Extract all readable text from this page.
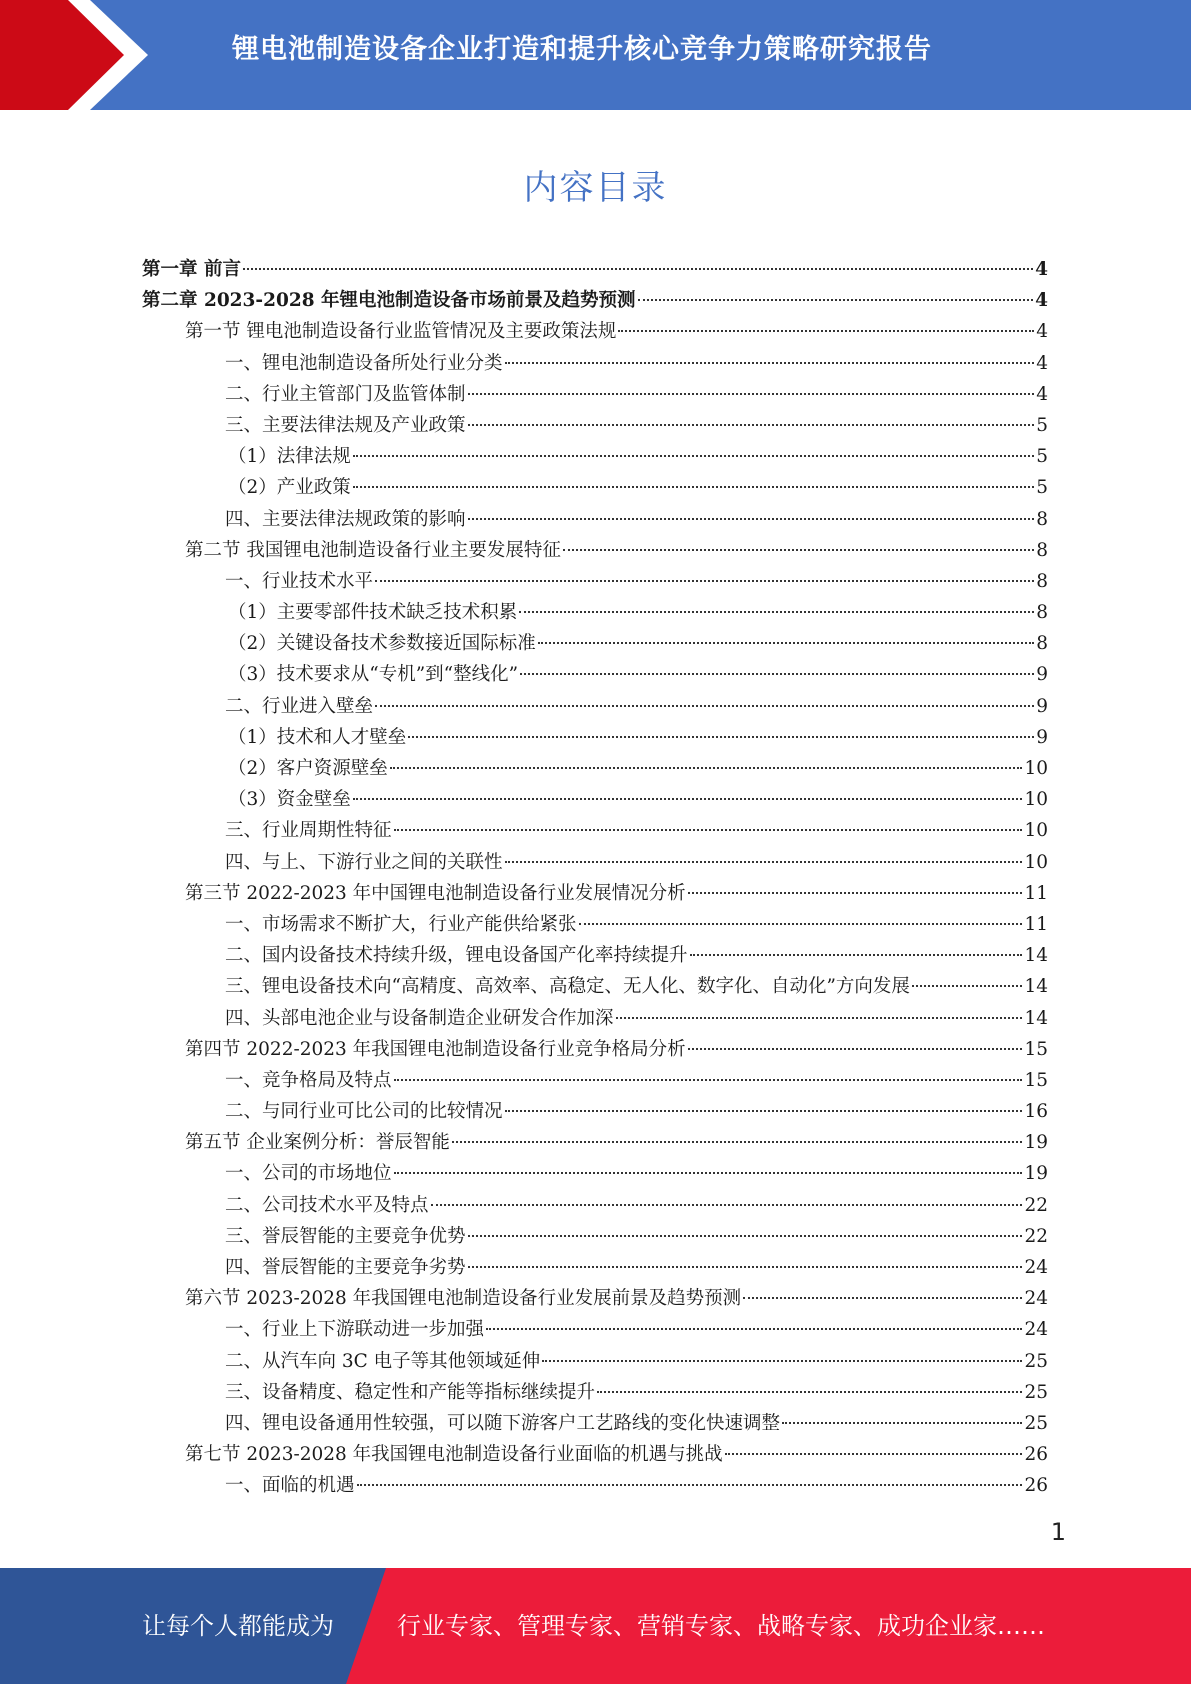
锂电池制造设备企业打造和提升核心竞争力策略研究报告
内容目录
第一章 前言	4
第二章 2023-2028 年锂电池制造设备市场前景及趋势预测	4
第一节 锂电池制造设备行业监管情况及主要政策法规	4
一、锂电池制造设备所处行业分类	4
二、行业主管部门及监管体制	4
三、主要法律法规及产业政策	5
（1）法律法规	5
（2）产业政策	5
四、主要法律法规政策的影响	8
第二节 我国锂电池制造设备行业主要发展特征	8
一、行业技术水平	8
（1）主要零部件技术缺乏技术积累	8
（2）关键设备技术参数接近国际标准	8
（3）技术要求从“专机”到“整线化”	9
二、行业进入壁垒	9
（1）技术和人才壁垒	9
（2）客户资源壁垒	10
（3）资金壁垒	10
三、行业周期性特征	10
四、与上、下游行业之间的关联性	10
第三节 2022-2023 年中国锂电池制造设备行业发展情况分析	11
一、市场需求不断扩大，行业产能供给紧张	11
二、国内设备技术持续升级，锂电设备国产化率持续提升	14
三、锂电设备技术向“高精度、高效率、高稳定、无人化、数字化、自动化”方向发展	14
四、头部电池企业与设备制造企业研发合作加深	14
第四节 2022-2023 年我国锂电池制造设备行业竞争格局分析	15
一、竞争格局及特点	15
二、与同行业可比公司的比较情况	16
第五节 企业案例分析：誉辰智能	19
一、公司的市场地位	19
二、公司技术水平及特点	22
三、誉辰智能的主要竞争优势	22
四、誉辰智能的主要竞争劣势	24
第六节 2023-2028 年我国锂电池制造设备行业发展前景及趋势预测	24
一、行业上下游联动进一步加强	24
二、从汽车向 3C 电子等其他领域延伸	25
三、设备精度、稳定性和产能等指标继续提升	25
四、锂电设备通用性较强，可以随下游客户工艺路线的变化快速调整	25
第七节 2023-2028 年我国锂电池制造设备行业面临的机遇与挑战	26
一、面临的机遇	26
1
让每个人都能成为	行业专家、管理专家、营销专家、战略专家、成功企业家……
